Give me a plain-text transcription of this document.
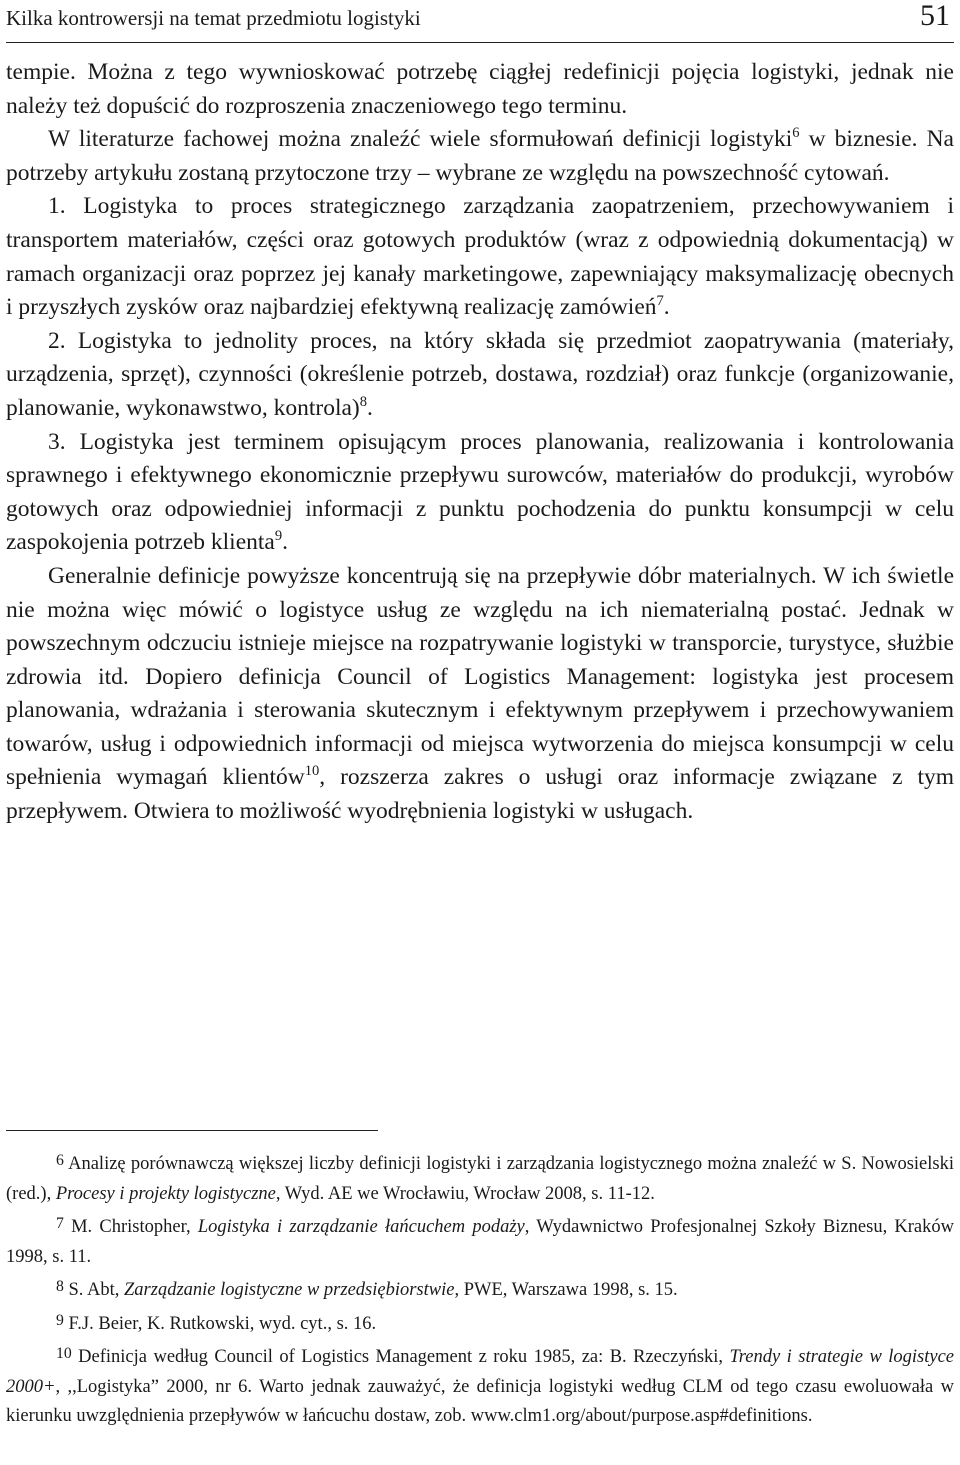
Kilka kontrowersji na temat przedmiotu logistyki	51

tempie. Można z tego wywnioskować potrzebę ciągłej redefinicji pojęcia logistyki, jednak nie należy też dopuścić do rozproszenia znaczeniowego tego terminu.

W literaturze fachowej można znaleźć wiele sformułowań definicji logistyki$^6$ w biznesie. Na potrzeby artykułu zostaną przytoczone trzy – wybrane ze względu na powszechność cytowań.

1. Logistyka to proces strategicznego zarządzania zaopatrzeniem, przechowywaniem i transportem materiałów, części oraz gotowych produktów (wraz z odpowiednią dokumentacją) w ramach organizacji oraz poprzez jej kanały marketingowe, zapewniający maksymalizację obecnych i przyszłych zysków oraz najbardziej efektywną realizację zamówień$^7$.

2. Logistyka to jednolity proces, na który składa się przedmiot zaopatrywania (materiały, urządzenia, sprzęt), czynności (określenie potrzeb, dostawa, rozdział) oraz funkcje (organizowanie, planowanie, wykonawstwo, kontrola)$^8$.

3. Logistyka jest terminem opisującym proces planowania, realizowania i kontrolowania sprawnego i efektywnego ekonomicznie przepływu surowców, materiałów do produkcji, wyrobów gotowych oraz odpowiedniej informacji z punktu pochodzenia do punktu konsumpcji w celu zaspokojenia potrzeb klienta$^9$.

Generalnie definicje powyższe koncentrują się na przepływie dóbr materialnych. W ich świetle nie można więc mówić o logistyce usług ze względu na ich niematerialną postać. Jednak w powszechnym odczuciu istnieje miejsce na rozpatrywanie logistyki w transporcie, turystyce, służbie zdrowia itd. Dopiero definicja Council of Logistics Management: logistyka jest procesem planowania, wdrażania i sterowania skutecznym i efektywnym przepływem i przechowywaniem towarów, usług i odpowiednich informacji od miejsca wytworzenia do miejsca konsumpcji w celu spełnienia wymagań klientów$^{10}$, rozszerza zakres o usługi oraz informacje związane z tym przepływem. Otwiera to możliwość wyodrębnienia logistyki w usługach.

$^6$ Analizę porównawczą większej liczby definicji logistyki i zarządzania logistycznego można znaleźć w S. Nowosielski (red.), Procesy i projekty logistyczne, Wyd. AE we Wrocławiu, Wrocław 2008, s. 11-12.

$^7$ M. Christopher, Logistyka i zarządzanie łańcuchem podaży, Wydawnictwo Profesjonalnej Szkoły Biznesu, Kraków 1998, s. 11.

$^8$ S. Abt, Zarządzanie logistyczne w przedsiębiorstwie, PWE, Warszawa 1998, s. 15.

$^9$ F.J. Beier, K. Rutkowski, wyd. cyt., s. 16.

$^{10}$ Definicja według Council of Logistics Management z roku 1985, za: B. Rzeczyński, Trendy i strategie w logistyce 2000+, ,,Logistyka” 2000, nr 6. Warto jednak zauważyć, że definicja logistyki według CLM od tego czasu ewoluowała w kierunku uwzględnienia przepływów w łańcuchu dostaw, zob. www.clm1.org/about/purpose.asp#definitions.
